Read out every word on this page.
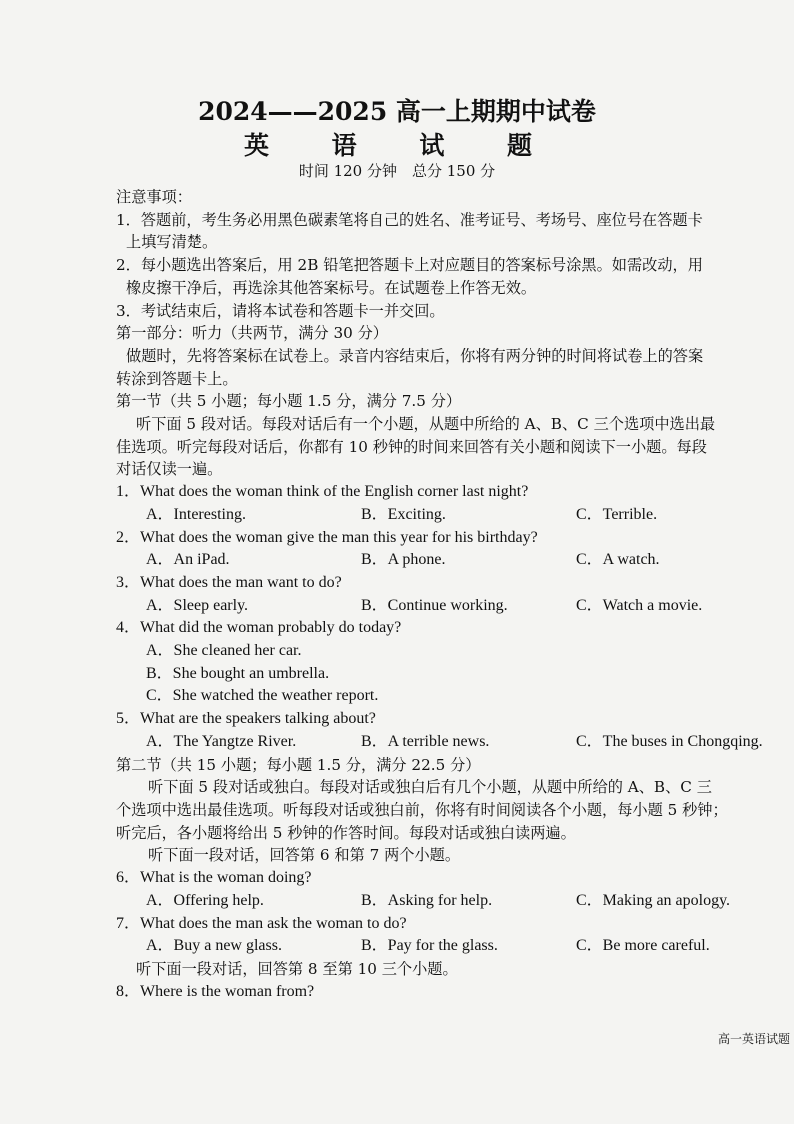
2024——2025 高一上期期中试卷
英 语 试 题
时间 120 分钟　总分 150 分
注意事项：
1．答题前，考生务必用黑色碳素笔将自己的姓名、准考证号、考场号、座位号在答题卡
上填写清楚。
2．每小题选出答案后，用 2B 铅笔把答题卡上对应题目的答案标号涂黑。如需改动，用
橡皮擦干净后，再选涂其他答案标号。在试题卷上作答无效。
3．考试结束后，请将本试卷和答题卡一并交回。
第一部分：听力（共两节，满分 30 分）
做题时，先将答案标在试卷上。录音内容结束后，你将有两分钟的时间将试卷上的答案
转涂到答题卡上。
第一节（共 5 小题；每小题 1.5 分，满分 7.5 分）
听下面 5 段对话。每段对话后有一个小题，从题中所给的 A、B、C 三个选项中选出最
佳选项。听完每段对话后，你都有 10 秒钟的时间来回答有关小题和阅读下一小题。每段
对话仅读一遍。
1．What does the woman think of the English corner last night?
A．Interesting.	B．Exciting.	C．Terrible.
2．What does the woman give the man this year for his birthday?
A．An iPad.	B．A phone.	C．A watch.
3．What does the man want to do?
A．Sleep early.	B．Continue working.	C．Watch a movie.
4．What did the woman probably do today?
A．She cleaned her car.
B．She bought an umbrella.
C．She watched the weather report.
5．What are the speakers talking about?
A．The Yangtze River.	B．A terrible news.	C．The buses in Chongqing.
第二节（共 15 小题；每小题 1.5 分，满分 22.5 分）
听下面 5 段对话或独白。每段对话或独白后有几个小题，从题中所给的 A、B、C 三
个选项中选出最佳选项。听每段对话或独白前，你将有时间阅读各个小题，每小题 5 秒钟；
听完后，各小题将给出 5 秒钟的作答时间。每段对话或独白读两遍。
听下面一段对话，回答第 6 和第 7 两个小题。
6．What is the woman doing?
A．Offering help.	B．Asking for help.	C．Making an apology.
7．What does the man ask the woman to do?
A．Buy a new glass.	B．Pay for the glass.	C．Be more careful.
听下面一段对话，回答第 8 至第 10 三个小题。
8．Where is the woman from?
高一英语试题
